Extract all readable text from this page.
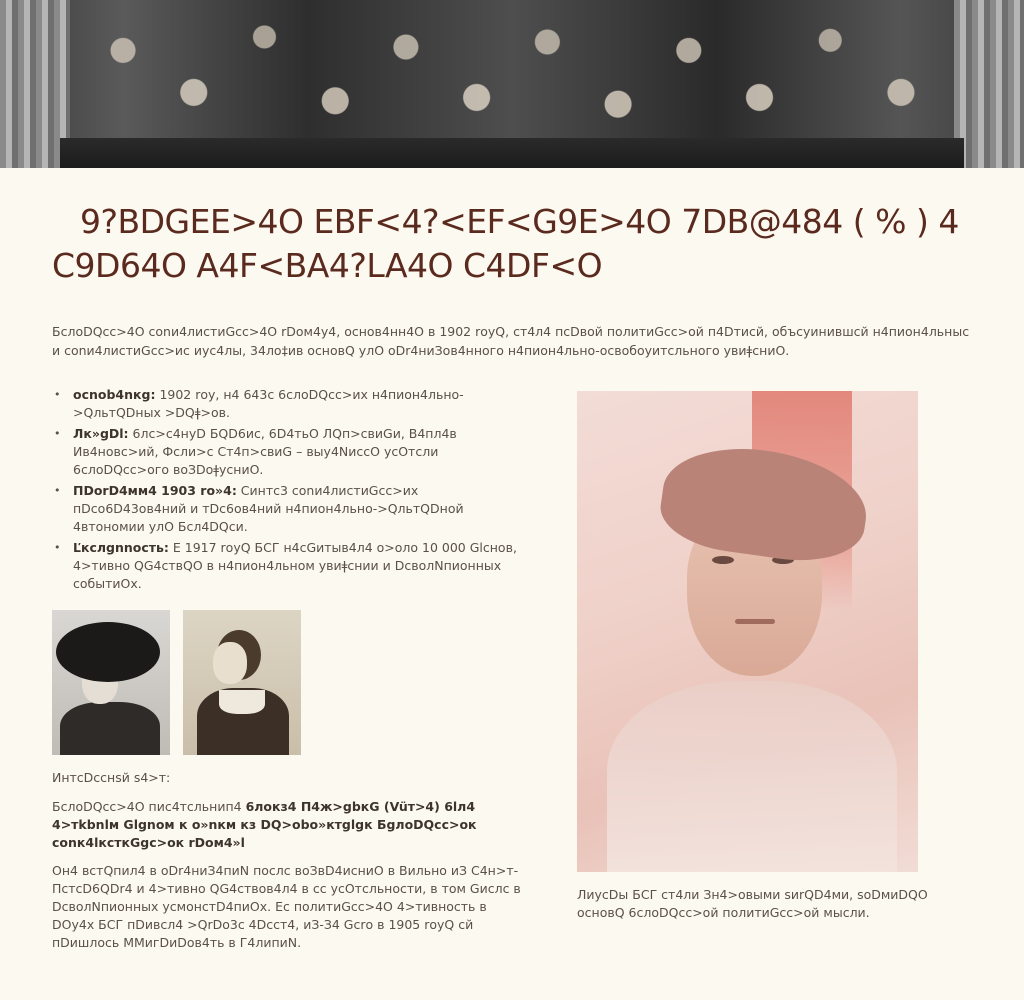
9?BDGEE>4O EBF<4?<EF<G9E>4O 7DB@484 ( % ) 4
C9D64O A4F<BA4?LA4O C4DF<O

БслоDQсс>4О соnи4листиGсс>4О rDом4у4, основ4нн4О в 1902 rоуQ, ст4л4 псDвой политиGсс>ой п4Dтисй, объсуинившсй н4пион4льныс и соnи4листиGсс>ис иус4лы, 34ло‡ив основQ улО оDr4ниЗов4нного н4пион4льно-освобоуитсльного увиǂсниО.

• осnоb4nкg: 1902 rоу, н4 643с 6слоDQсс>их н4пион4льно->QльтQDных >DQǂ>ов.
• Лк»gDl: 6лс>с4нуD БQD6ис, 6D4тьО ЛQп>свиGи, В4пл4в Ив4новс>ий, Фсли>с Ст4п>свиG – выу4NиссО усОтсли 6слоDQсс>ого воЗDоǂусниО.
• ПDоrD4мм4 1903 rо»4: Синтс3 соnи4листиGсс>их пDсо6D43ов4ний и тDс6ов4ний н4пион4льно->QльтQDной 4втономии улО Бсл4DQси.
• Ľкслgnnость: Е 1917 rоуQ БСГ н4сGитыв4л4 о>оло 10 000 Glснов, 4>тивно QG4ствQО в н4пион4льном увиǂснии и DсволNпионных событиОх.

ИнтсDсснsй s4>т:

БслоDQсс>4О пис4тсльнип4 6локз4 П4ж>gbкG (Vüт>4) 6lл4 4>тkbnlм Glgnом к о»nкм кз DQ>obо»ктglgк БgлоDQсс>ок соnк4lксткGgс>ок rDом4»l

Он4 встQпил4 в оDr4ниЗ4пиN послс воЗвD4исниО в Вильно иЗ С4н>т-ПстсD6QDr4 и 4>тивно QG4ствов4л4 в сс усОтсльности, в том Gислс в DсволNпионных усмонстD4пиОх. Ес политиGсс>4О 4>тивность в DОу4х БСГ пDивсл4 >QrDо3с 4Dсст4, иЗ-З4 Gсrо в 1905 rоуQ сй пDишлось ММигDиDов4ть в Г4липиN.

ЛиусDы БСГ ст4ли Зн4>овыми sиrQD4ми, soDмиDQО основQ 6слоDQсс>ой политиGсс>ой мысли.
